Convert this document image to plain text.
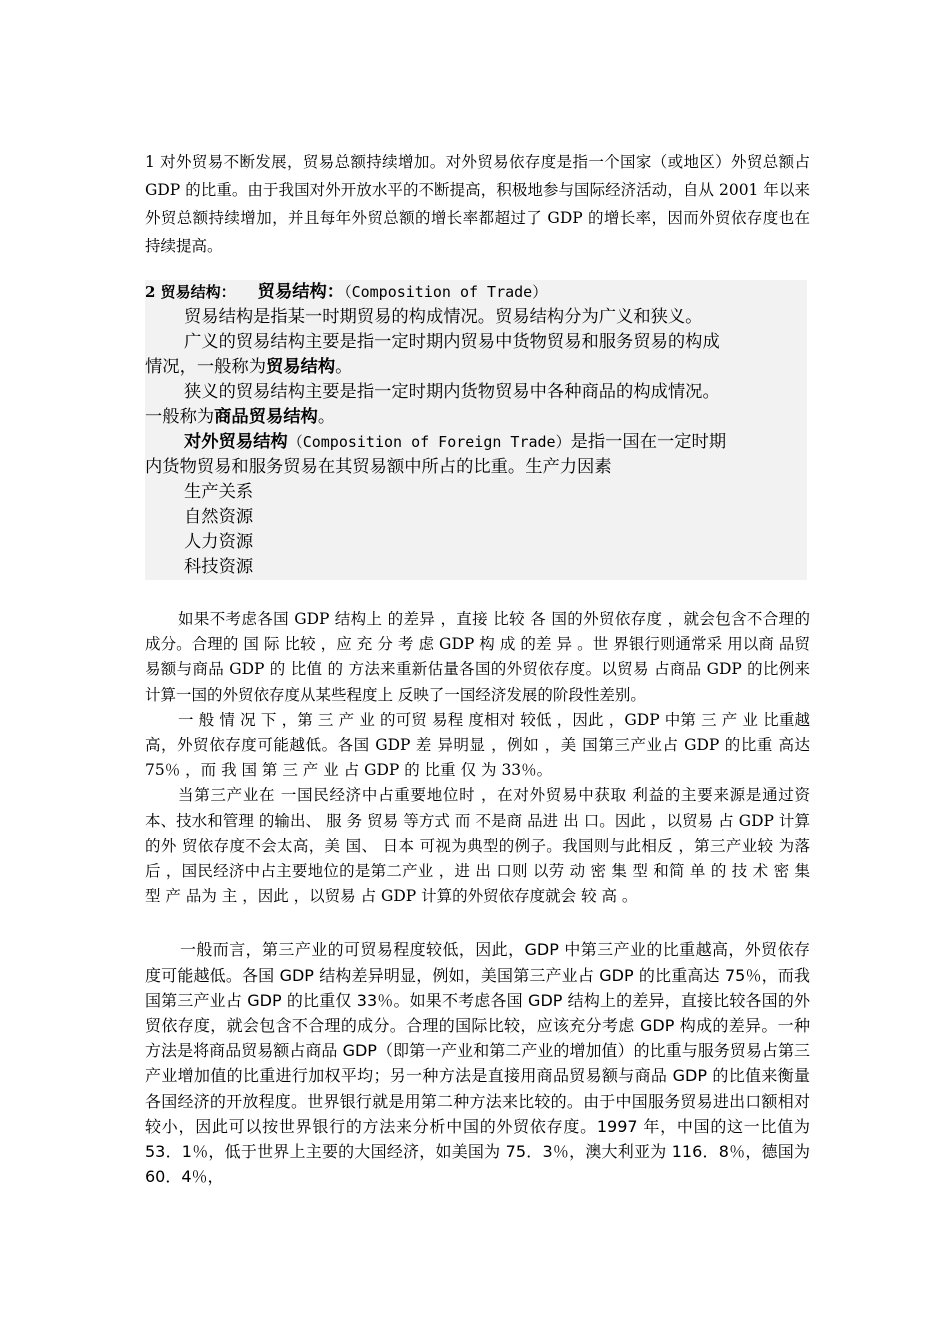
1 对外贸易不断发展，贸易总额持续增加。对外贸易依存度是指一个国家（或地区）外贸总额占 GDP 的比重。由于我国对外开放水平的不断提高，积极地参与国际经济活动，自从 2001 年以来外贸总额持续增加，并且每年外贸总额的增长率都超过了 GDP 的增长率，因而外贸依存度也在持续提高。

2 贸易结构： 贸易结构：（Composition of Trade）

贸易结构是指某一时期贸易的构成情况。贸易结构分为广义和狭义。

广义的贸易结构主要是指一定时期内贸易中货物贸易和服务贸易的构成

情况，一般称为贸易结构。

狭义的贸易结构主要是指一定时期内货物贸易中各种商品的构成情况。

一般称为商品贸易结构。

对外贸易结构（Composition of Foreign Trade）是指一国在一定时期

内货物贸易和服务贸易在其贸易额中所占的比重。生产力因素

生产关系

自然资源

人力资源

科技资源

如果不考虑各国 GDP 结构上 的差异 ，直接 比较 各 国的外贸依存度 ，就会包含不合理的成分。合理的 国 际 比较 ，应 充 分 考 虑 GDP 构 成 的差 异 。世 界银行则通常采 用以商 品贸易额与商品 GDP 的 比值 的 方法来重新估量各国的外贸依存度。以贸易 占商品 GDP 的比例来计算一国的外贸依存度从某些程度上 反映了一国经济发展的阶段性差别。

一 般 情 况 下 ，第 三 产 业 的可贸 易程 度相对 较低 ，因此 ，GDP 中第 三 产 业 比重越 高，外贸依存度可能越低。各国 GDP 差 异明显 ，例如 ，美 国第三产业占 GDP 的比重 高达 75％ ，而 我 国 第 三 产 业 占 GDP 的 比重 仅 为 33％。

当第三产业在 一国民经济中占重要地位时 ，在对外贸易中获取 利益的主要来源是通过资本、技水和管理 的输出、 服 务 贸易 等方式 而 不是商 品进 出 口。因此 ，以贸易 占 GDP 计算 的外 贸依存度不会太高，美 国、 日本 可视为典型的例子。我国则与此相反 ，第三产业较 为落后 ，国民经济中占主要地位的是第二产业 ，进 出 口则 以劳 动 密 集 型 和简 单 的 技 术 密 集 型 产 品为 主 ，因此 ，以贸易 占 GDP 计算的外贸依存度就会 较 高 。

一般而言，第三产业的可贸易程度较低，因此，GDP 中第三产业的比重越高，外贸依存度可能越低。各国 GDP 结构差异明显，例如，美国第三产业占 GDP 的比重高达 75％，而我国第三产业占 GDP 的比重仅 33％。如果不考虑各国 GDP 结构上的差异，直接比较各国的外贸依存度，就会包含不合理的成分。合理的国际比较，应该充分考虑 GDP 构成的差异。一种方法是将商品贸易额占商品 GDP（即第一产业和第二产业的增加值）的比重与服务贸易占第三产业增加值的比重进行加权平均；另一种方法是直接用商品贸易额与商品 GDP 的比值来衡量各国经济的开放程度。世界银行就是用第二种方法来比较的。由于中国服务贸易进出口额相对较小，因此可以按世界银行的方法来分析中国的外贸依存度。1997 年，中国的这一比值为 53．1％，低于世界上主要的大国经济，如美国为 75．3％，澳大利亚为 116．8％，德国为 60．4％，
